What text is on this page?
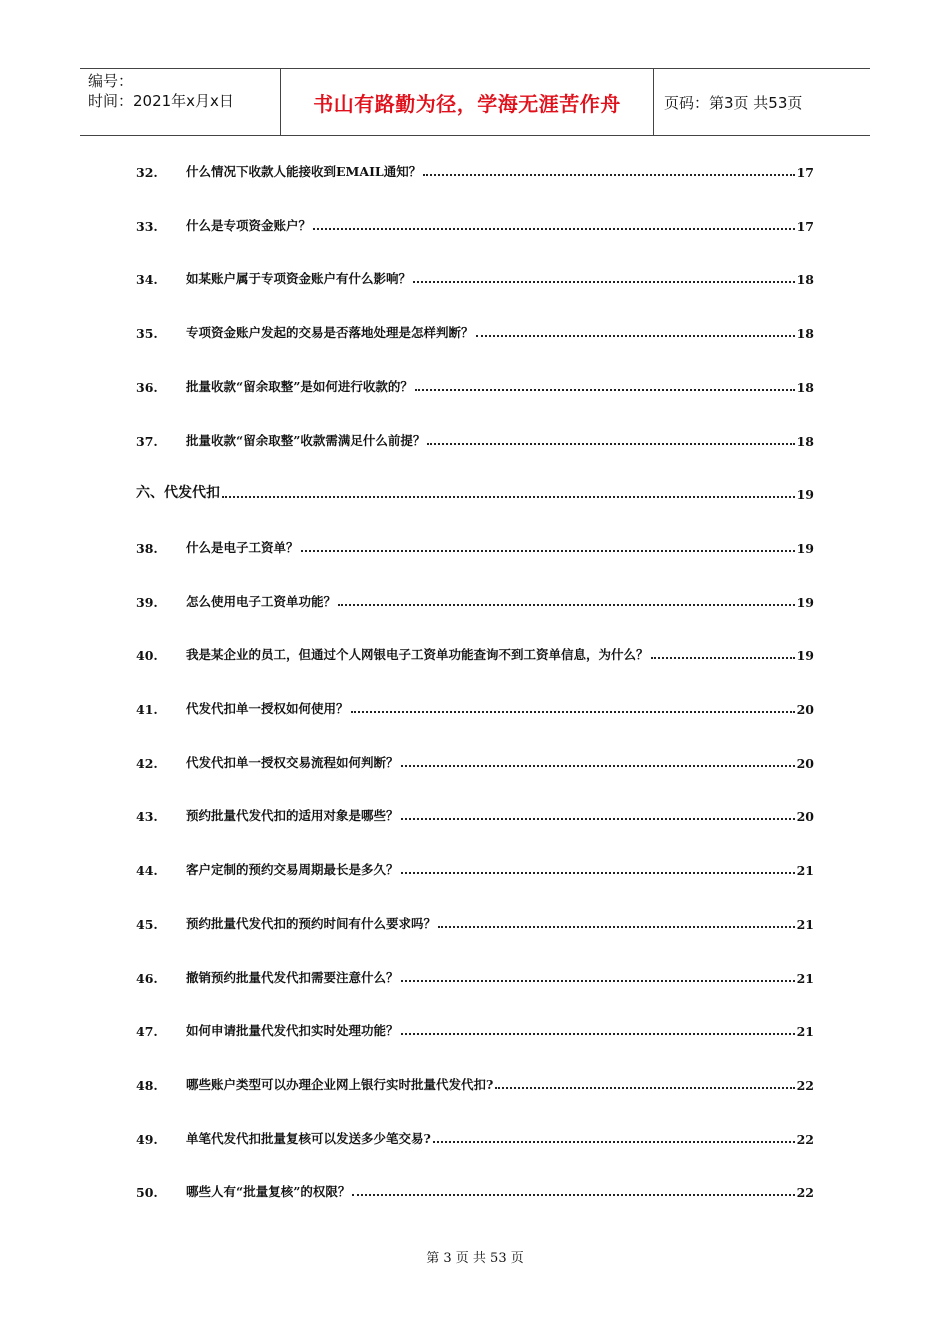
编号：
时间：2021年x月x日	书山有路勤为径，学海无涯苦作舟	页码：第3页 共53页
32.	什么情况下收款人能接收到EMAIL通知？	17
33.	什么是专项资金账户？	17
34.	如某账户属于专项资金账户有什么影响？	18
35.	专项资金账户发起的交易是否落地处理是怎样判断？	18
36.	批量收款“留余取整”是如何进行收款的？	18
37.	批量收款“留余取整”收款需满足什么前提？	18
六、代发代扣	19
38.	什么是电子工资单？	19
39.	怎么使用电子工资单功能？	19
40.	我是某企业的员工，但通过个人网银电子工资单功能查询不到工资单信息，为什么？	19
41.	代发代扣单一授权如何使用？	20
42.	代发代扣单一授权交易流程如何判断？	20
43.	预约批量代发代扣的适用对象是哪些？	20
44.	客户定制的预约交易周期最长是多久？	21
45.	预约批量代发代扣的预约时间有什么要求吗？	21
46.	撤销预约批量代发代扣需要注意什么？	21
47.	如何申请批量代发代扣实时处理功能？	21
48.	哪些账户类型可以办理企业网上银行实时批量代发代扣?	22
49.	单笔代发代扣批量复核可以发送多少笔交易?	22
50.	哪些人有“批量复核”的权限？	22
第 3 页 共 53 页
